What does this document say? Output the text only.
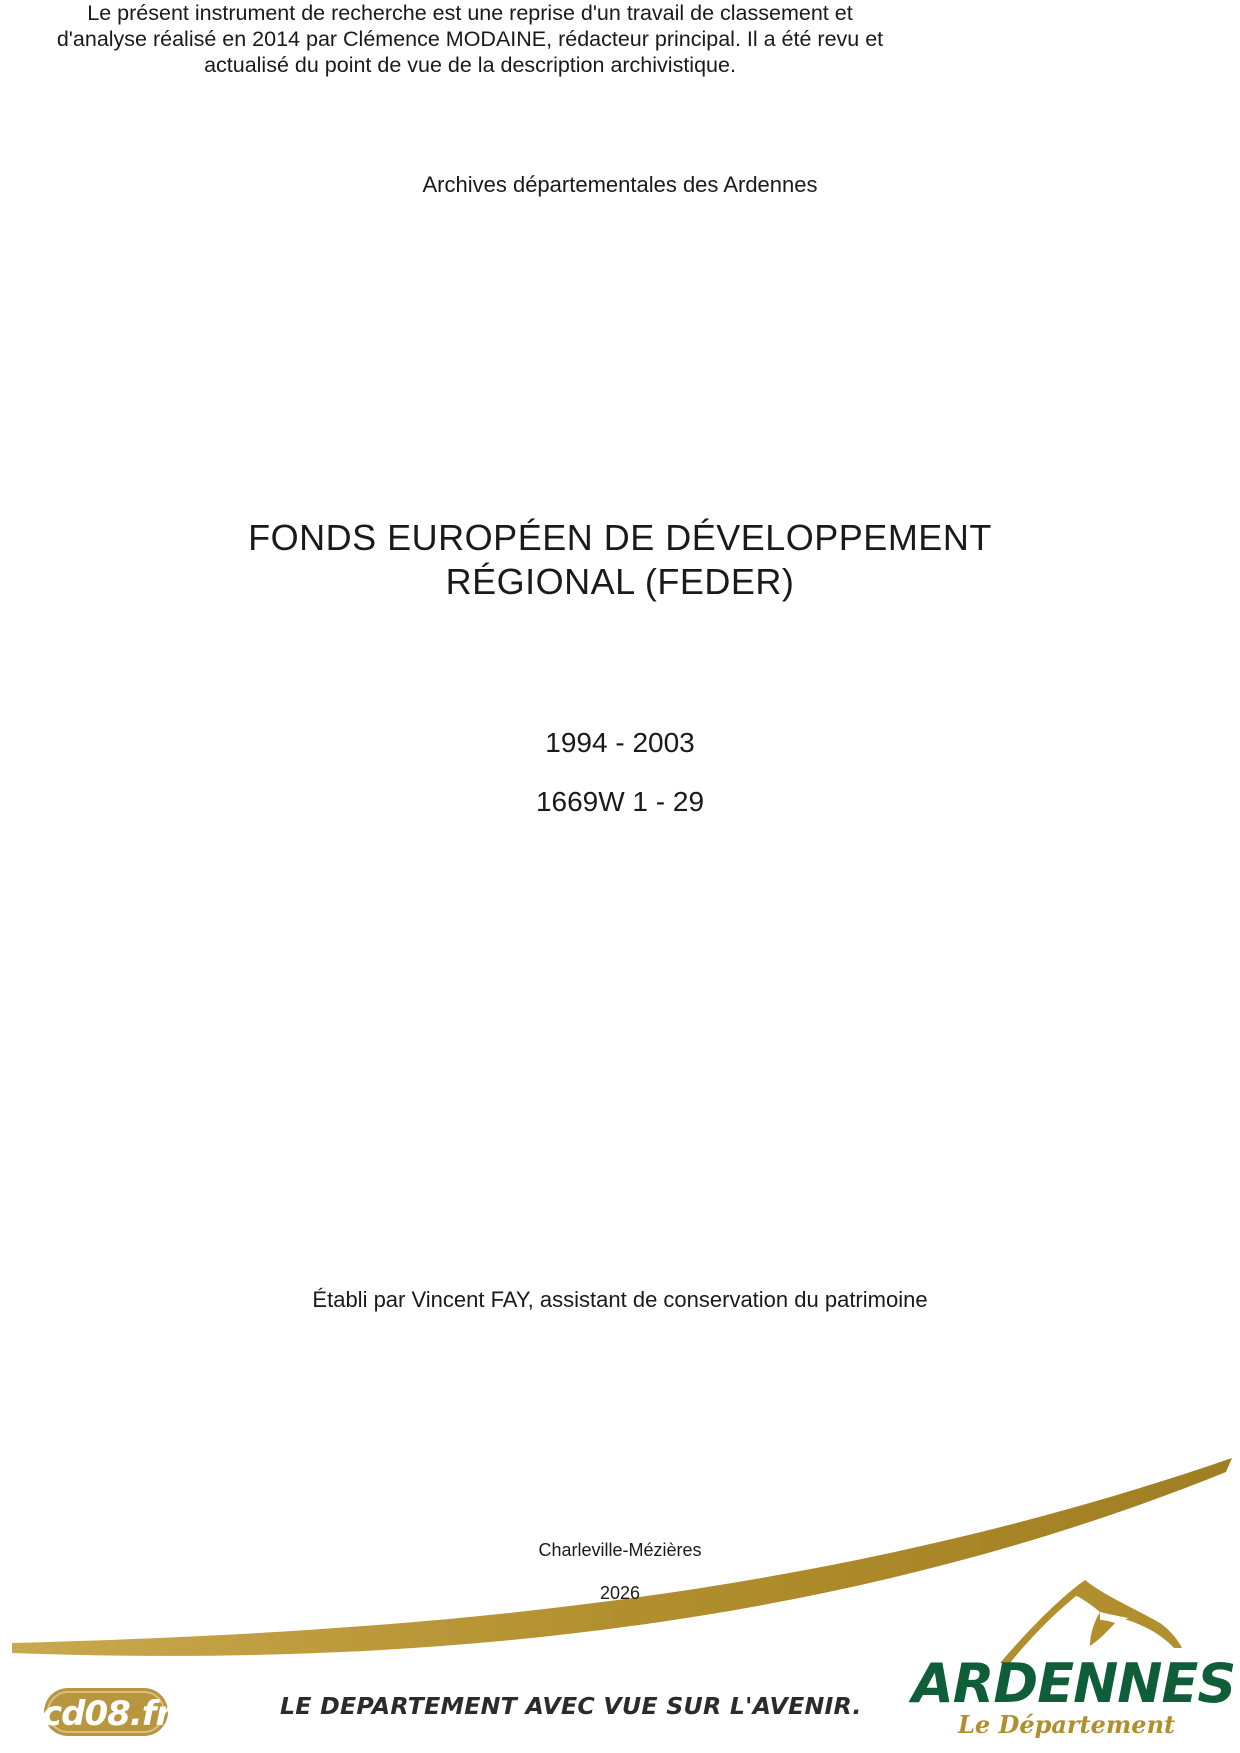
Archives départementales des Ardennes

FONDS EUROPÉEN DE DÉVELOPPEMENT
RÉGIONAL (FEDER)

1994 - 2003

1669W 1 - 29

Le présent instrument de recherche est une reprise d'un travail de classement et
d'analyse réalisé en 2014 par Clémence MODAINE, rédacteur principal. Il a été revu et
actualisé du point de vue de la description archivistique.

Établi par Vincent FAY, assistant de conservation du patrimoine

cd08.fr	LE DEPARTEMENT AVEC VUE SUR L'AVENIR. ARDENNES
Le Département

Charleville-Mézières

2026
